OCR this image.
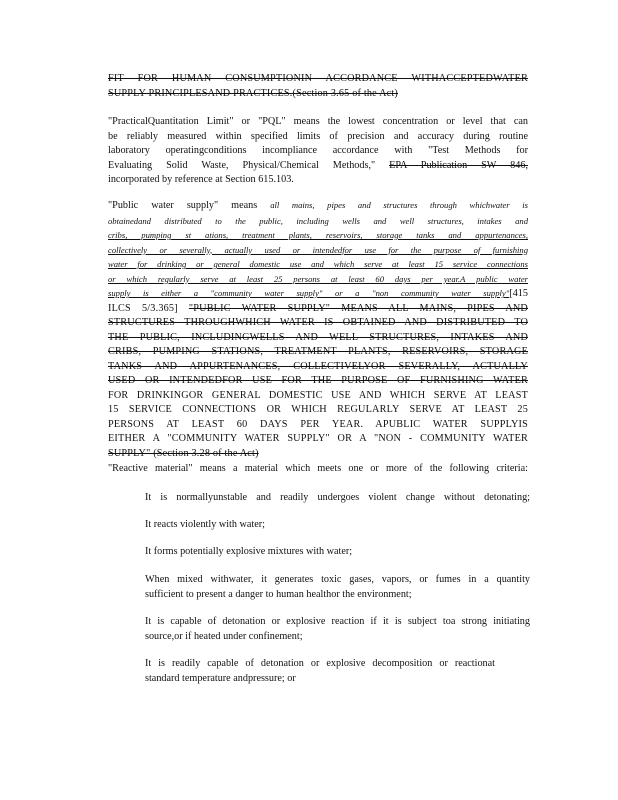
FIT FOR HUMAN CONSUMPTIONIN ACCORDANCE WITHACCEPTEDWATER
SUPPLY PRINCIPLESAND PRACTICES.(Section 3.65 of the Act)
"PracticalQuantitation Limit" or "PQL" means the lowest concentration or level that can
be reliably measured within specified limits of precision and accuracy during routine
laboratory operatingconditions incompliance accordance with "Test Methods for
Evaluating Solid Waste, Physical/Chemical Methods," EPA Publication SW 846,
incorporated by reference at Section 615.103.
"Public water supply" means all mains, pipes and structures through whichwater is
obtainedand distributed to the public, including wells and well structures, intakes and
cribs, pumping st ations, treatment plants, reservoirs, storage tanks and appurtenances,
collectively or severally, actually used or intendedfor use for the purpose of furnishing
water for drinking or general domestic use and which serve at least 15 service connections
or which regularly serve at least 25 persons at least 60 days per year.A public water
supply is either a "community water supply" or a "non community water supply"[415
ILCS 5/3.365] "PUBLIC WATER SUPPLY" MEANS ALL MAINS, PIPES AND
STRUCTURES THROUGHWHICH WATER IS OBTAINED AND DISTRIBUTED TO
THE PUBLIC, INCLUDINGWELLS AND WELL STRUCTURES, INTAKES AND
CRIBS, PUMPING STATIONS, TREATMENT PLANTS, RESERVOIRS, STORAGE
TANKS AND APPURTENANCES, COLLECTIVELYOR SEVERALLY, ACTUALLY
USED OR INTENDEDFOR USE FOR THE PURPOSE OF FURNISHING WATER
FOR DRINKINGOR GENERAL DOMESTIC USE AND WHICH SERVE AT LEAST
15 SERVICE CONNECTIONS OR WHICH REGULARLY SERVE AT LEAST 25
PERSONS AT LEAST 60 DAYS PER YEAR. APUBLIC WATER SUPPLYIS
EITHER A "COMMUNITY WATER SUPPLY" OR A "NON - COMMUNITY WATER
SUPPLY" (Section 3.28 of the Act)
"Reactive material" means a material which meets one or more of the following criteria:
It is normallyunstable and readily undergoes violent change without detonating;
It reacts violently with water;
It forms potentially explosive mixtures with water;
When mixed withwater, it generates toxic gases, vapors, or fumes in a quantity
sufficient to present a danger to human healthor the environment;
It is capable of detonation or explosive reaction if it is subject toa strong initiating
source,or if heated under confinement;
It is readily capable of detonation or explosive decomposition or reactionat
standard temperature andpressure; or
